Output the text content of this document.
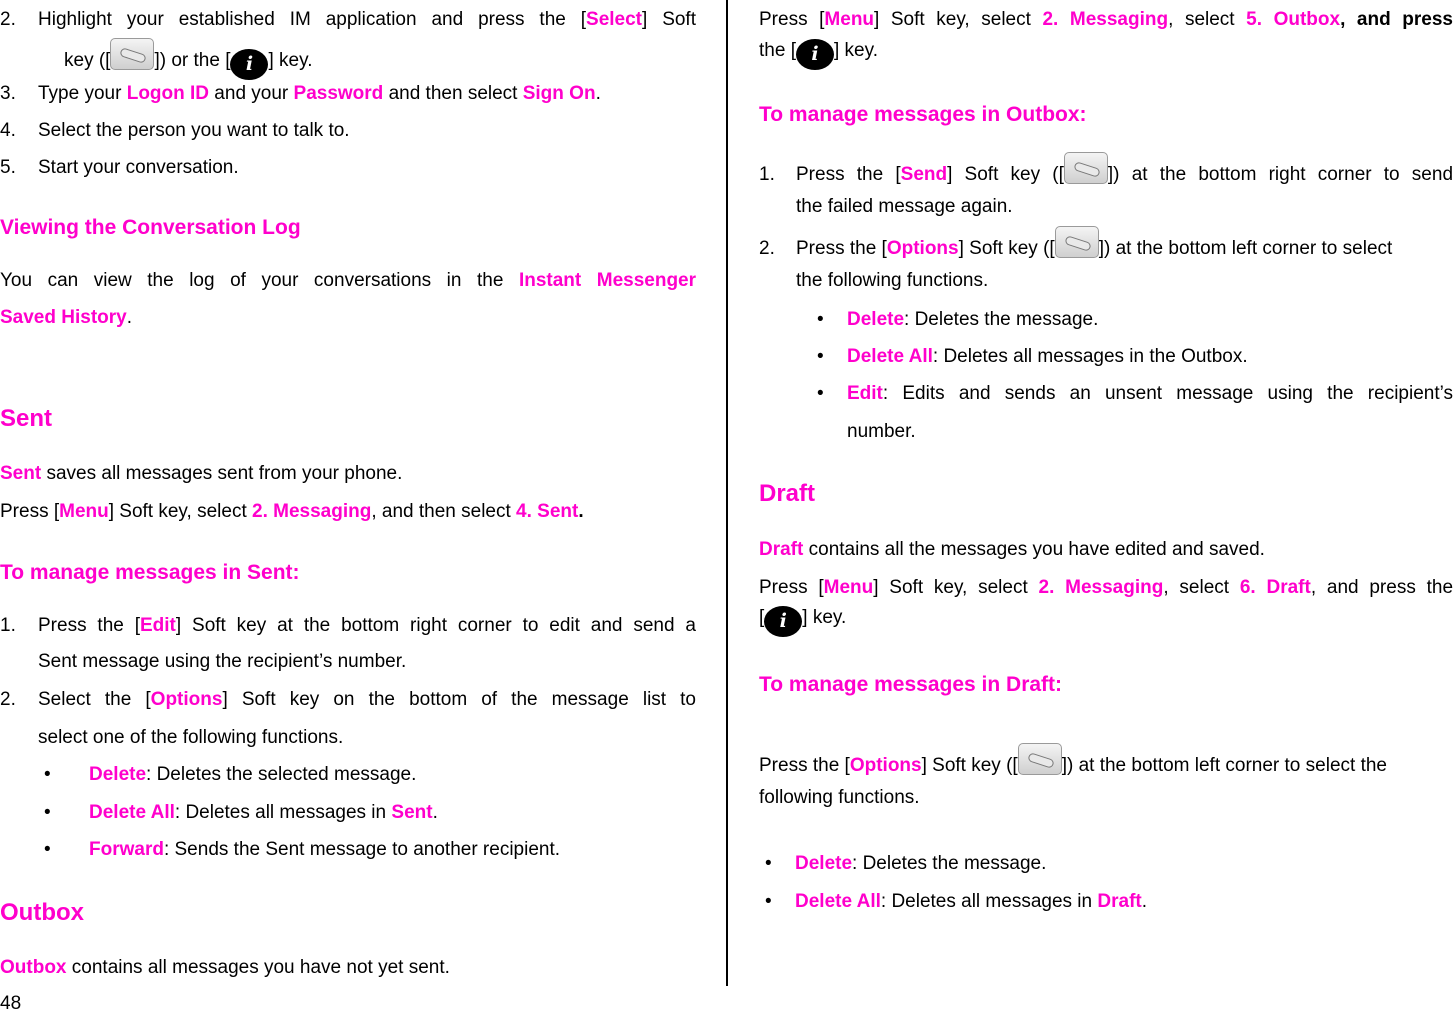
2. Highlight your established IM application and press the [Select] Soft
key ([ ]) or the [ i ] key.
3. Type your Logon ID and your Password and then select Sign On.
4. Select the person you want to talk to.
5. Start your conversation.
Viewing the Conversation Log
You can view the log of your conversations in the Instant Messenger
Saved History.
Sent
Sent saves all messages sent from your phone.
Press [Menu] Soft key, select 2. Messaging, and then select 4. Sent.
To manage messages in Sent:
1. Press the [Edit] Soft key at the bottom right corner to edit and send a
Sent message using the recipient’s number.
2. Select the [Options] Soft key on the bottom of the message list to
select one of the following functions.
• Delete: Deletes the selected message.
• Delete All: Deletes all messages in Sent.
• Forward: Sends the Sent message to another recipient.
Outbox
Outbox contains all messages you have not yet sent.
48
Press [Menu] Soft key, select 2. Messaging, select 5. Outbox, and press
the [ i ] key.
To manage messages in Outbox:
1. Press the [Send] Soft key ([ ]) at the bottom right corner to send
the failed message again.
2. Press the [Options] Soft key ([ ]) at the bottom left corner to select
the following functions.
• Delete: Deletes the message.
• Delete All: Deletes all messages in the Outbox.
• Edit: Edits and sends an unsent message using the recipient’s
number.
Draft
Draft contains all the messages you have edited and saved.
Press [Menu] Soft key, select 2. Messaging, select 6. Draft, and press the
[ i ] key.
To manage messages in Draft:
Press the [Options] Soft key ([ ]) at the bottom left corner to select the
following functions.
• Delete: Deletes the message.
• Delete All: Deletes all messages in Draft.
